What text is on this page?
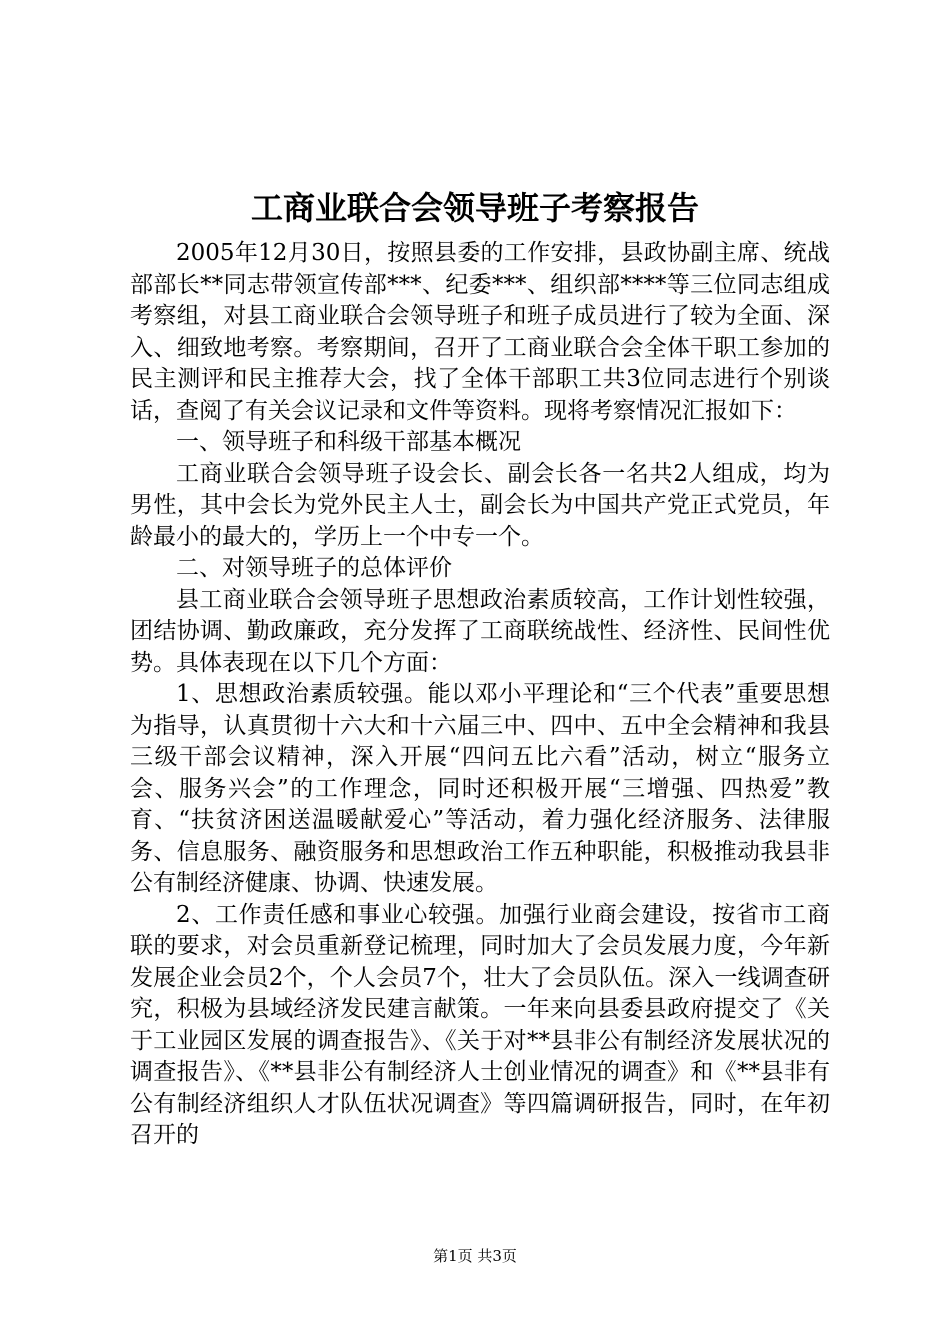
工商业联合会领导班子考察报告

2005年12月30日，按照县委的工作安排，县政协副主席、统战部部长**同志带领宣传部***、纪委***、组织部****等三位同志组成考察组，对县工商业联合会领导班子和班子成员进行了较为全面、深入、细致地考察。考察期间，召开了工商业联合会全体干职工参加的民主测评和民主推荐大会，找了全体干部职工共3位同志进行个别谈话，查阅了有关会议记录和文件等资料。现将考察情况汇报如下：

一、领导班子和科级干部基本概况

工商业联合会领导班子设会长、副会长各一名共2人组成，均为男性，其中会长为党外民主人士，副会长为中国共产党正式党员，年龄最小的最大的，学历上一个中专一个。

二、对领导班子的总体评价

县工商业联合会领导班子思想政治素质较高，工作计划性较强，团结协调、勤政廉政，充分发挥了工商联统战性、经济性、民间性优势。具体表现在以下几个方面：

1、思想政治素质较强。能以邓小平理论和“三个代表”重要思想为指导，认真贯彻十六大和十六届三中、四中、五中全会精神和我县三级干部会议精神，深入开展“四问五比六看”活动，树立“服务立会、服务兴会”的工作理念，同时还积极开展“三增强、四热爱”教育、“扶贫济困送温暖献爱心”等活动，着力强化经济服务、法律服务、信息服务、融资服务和思想政治工作五种职能，积极推动我县非公有制经济健康、协调、快速发展。

2、工作责任感和事业心较强。加强行业商会建设，按省市工商联的要求，对会员重新登记梳理，同时加大了会员发展力度，今年新发展企业会员2个，个人会员7个，壮大了会员队伍。深入一线调查研究，积极为县域经济发民建言献策。一年来向县委县政府提交了《关于工业园区发展的调查报告》、《关于对**县非公有制经济发展状况的调查报告》、《**县非公有制经济人士创业情况的调查》和《**县非有公有制经济组织人才队伍状况调查》等四篇调研报告，同时，在年初召开的

第1页 共3页
